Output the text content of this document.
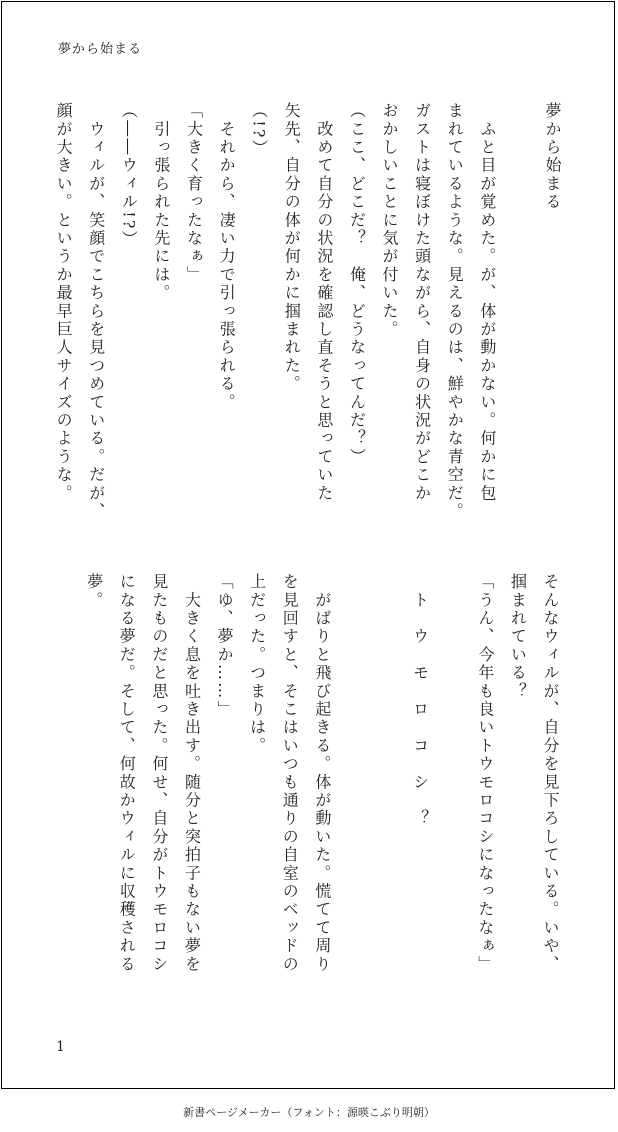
夢から始まる
夢から始まる

　ふと目が覚めた。が、体が動かない。何かに包
まれているような。見えるのは、鮮やかな青空だ。
ガストは寝ぼけた頭ながら、自身の状況がどこか
おかしいことに気が付いた。
（ここ、どこだ？　俺、どうなってんだ？）
　改めて自分の状況を確認し直そうと思っていた
矢先、自分の体が何かに掴まれた。
（!?）
　それから、凄い力で引っ張られる。
「大きく育ったなぁ」
　引っ張られた先には。
（――ウィル!?）
　ウィルが、笑顔でこちらを見つめている。だが、
顔が大きい。というか最早巨人サイズのような。
そんなウィルが、自分を見下ろしている。いや、
掴まれている？
「うん、今年も良いトウモロコシになったなぁ」

　ト　ウ　モ　ロ　コ　シ　？

　がばりと飛び起きる。体が動いた。慌てて周り
を見回すと、そこはいつも通りの自室のベッドの
上だった。つまりは。
「ゆ、夢か……」
　大きく息を吐き出す。随分と突拍子もない夢を
見たものだと思った。何せ、自分がトウモロコシ
になる夢だ。そして、何故かウィルに収穫される
夢。
1
新書ページメーカー（フォント：源暎こぶり明朝）
